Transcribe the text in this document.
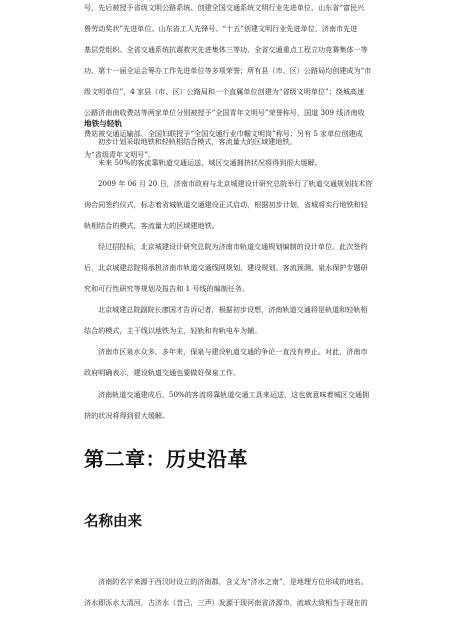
号，先后被授予省级文明公路系统、创建全国交通系统文明行业先进单位、山东省“富民兴
鲁劳动奖状”先进单位、山东省工人先锋号、“十五”创建文明行业先进单位、济南市先进
基层党组织、全省交通系统抗震救灾先进集体三等功、全省交通重点工程立功竞赛集体一等
功、第十一届全运会筹办工作先进单位等多项荣誉；所有县（市、区）公路局均创建成为“市
级文明单位”，4 家县（市、区）公路局和一个直属单位创建为“省级文明单位”；绕城高速
公路济南南收费站等两家单位分别被授予“全国青年文明号”荣誉称号，国道 309 线济南收
费站被交通运输部、全国妇联授予“全国交通行业巾帼文明岗”称号；另有 5 家单位创建成
为“省级青年文明号”。
地铁与轻轨
初步计划采取地铁和轻轨相结合模式，客流量大的区域建地铁。
未来 50%的客流靠轨道交通运送，城区交通拥挤状况将得到很大缓解。
2009 年 06 月 20 日，济南市政府与北京城建设计研究总院举行了轨道交通规划技术咨
询合同签约仪式，标志着省城轨道交通建设正式启动，根据初步计划，省城将实行地铁和轻
轨相结合的模式，客流量大的区域建地铁。
经过招投标，北京城建设计研究总院为济南市轨道交通规划编制的设计单位。此次签约
后，北京城建总院将承担济南市轨道交通线网规划、建设规划、客流预测、泉水保护专题研
究和可行性研究等规划及报告和 1 号线的编制任务。
北京城建总院副院长廖国才告诉记者，根据初步设想，济南轨道交通将是轨道和轻轨相
结合的模式，主干线以地铁为主，轻轨和有轨电车为辅。
济南市区泉水众多，多年来，保泉与建设轨道交通的争论一直没有停止。对此，济南市
政府明确表示，建设轨道交通也要做好保泉工作。
济南轨道交通建成后，50%的客流将靠轨道交通工具来运送，这也就意味着城区交通拥
挤的状况将得到很大缓解。
第二章：历史沿革
名称由来
济南的名字来源于西汉时设立的济南郡，含义为“济水之南”，是地理方位形成的地名。
济水即泺水大清河，古济水（音己，三声）发源于现河南省济源市，流域大致相当于现在的
